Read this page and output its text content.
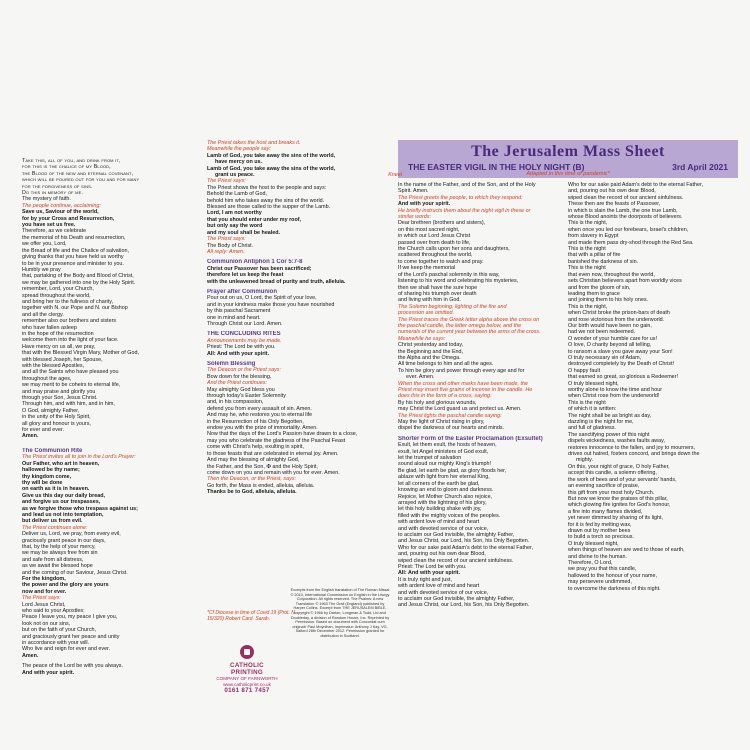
The Jerusalem Mass Sheet
THE EASTER VIGIL IN THE HOLY NIGHT (B)	3rd April 2021
Adapted in this time of pandemic*
Take this, all of you, and drink from it,
for this is the chalice of my Blood,
the Blood of the new and eternal covenant,
which will be poured out for you and for many
for the forgiveness of sins.
Do this in memory of me.
The mystery of faith.
The people continue, acclaiming:
Save us, Saviour of the world,
for by your Cross and Resurrection,
you have set us free.
Therefore, as we celebrate
the memorial of his Death and resurrection,
we offer you, Lord,
the Bread of life and the Chalice of salvation,
giving thanks that you have held us worthy
to be in your presence and minister to you.
Humbly we pray
that, partaking of the Body and Blood of Christ,
we may be gathered into one by the Holy Spirit.
remember, Lord, your Church,
spread throughout the world,
and bring her to the fullness of charity,
together with N. our Pope and N. our Bishop
and all the clergy.
remember also our brothers and sisters
who have fallen asleep
in the hope of the resurrection
welcome them into the light of your face.
Have mercy on us all, we pray,
that with the Blessed Virgin Mary, Mother of God,
with blessed Joseph, her Spouse,
with the blessed Apostles,
and all the Saints who have pleased you
throughout the ages,
we may merit to be coheirs to eternal life,
and may praise and glorify you
through your Son, Jesus Christ.
Through him, and with him, and in him,
O God, almighty Father,
in the unity of the Holy Spirit,
all glory and honour is yours,
for ever and ever.
Amen.
The Communion Rite
The Priest invites all to join in the Lord's Prayer:
Our Father, who art in heaven,
hallowed be thy name;
thy kingdom come,
thy will be done
on earth as it is in heaven.
Give us this day our daily bread,
and forgive us our trespasses,
as we forgive those who trespass against us;
and lead us not into temptation,
but deliver us from evil.
The Priest continues alone:
Deliver us, Lord, we pray, from every evil,
graciously grant peace in our days,
that, by the help of your mercy,
we may be always free from sin
and safe from all distress,
as we await the blessed hope
and the coming of our Saviour, Jesus Christ.
For the kingdom,
the power and the glory are yours
now and for ever.
The Priest says:
Lord Jesus Christ,
who said to your Apostles:
Peace I leave you, my peace I give you,
look not on our sins,
but on the faith of your Church,
and graciously grant her peace and unity
in accordance with your will.
Who live and reign for ever and ever.
Amen.
The peace of the Lord be with you always.
And with your spirit.
The Priest takes the host and breaks it.
Meanwhile the people say:
Lamb of God, you take away the sins of the world,
have mercy on us.
Lamb of God, you take away the sins of the world,
grant us peace.
The Priest says:
The Priest shows the host to the people and says:
Behold the Lamb of God,
behold him who takes away the sins of the world.
Blessed are those called to the supper of the Lamb.
Lord, I am not worthy
that you should enter under my roof,
but only say the word
and my soul shall be healed.
The Priest says:
The Body of Christ.
All reply: Amen.
Communion Antiphon 1 Cor 5:7-8
Christ our Passover has been sacrificed;
therefore let us keep the feast
with the unleavened bread of purity and truth, alleluia.
Prayer after Communion
Pour out on us, O Lord, the Spirit of your love,
and in your kindness make those you have nourished
by this paschal Sacrament
one in mind and heart.
Through Christ our Lord. Amen.
THE CONCLUDING RITES
Announcements may be made.
Priest: The Lord be with you.
All: And with your spirit.
Solemn Blessing
The Deacon or the Priest says:
Bow down for the blessing.
And the Priest continues:
May almighty God bless you
through today's Easter Solemnity
and, in his compassion,
defend you from every assault of sin. Amen.
And may he, who restores you to eternal life
in the Resurrection of his Only Begotten,
endow you with the prize of immortality. Amen.
Now that the days of the Lord's Passion have drawn to a close,
may you who celebrate the gladness of the Paschal Feast
come with Christ's help, exulting in spirit,
to those feasts that are celebrated in eternal joy. Amen.
And may the blessing of almighty God,
the Father, and the Son, ✠ and the Holy Spirit,
come down on you and remain with you for ever. Amen.
Then the Deacon, or the Priest, says:
Go forth, the Mass is ended, alleluia, alleluia.
Thanks be to God, alleluia, alleluia.
Kneel
In the name of the Father, and of the Son, and of the Holy
Spirit. Amen.
The Priest greets the people, to which they respond:
And with your spirit.
He briefly instructs them about the night vigil in these or
similar words:
Dear brethren (brothers and sisters),
on this most sacred night,
in which our Lord Jesus Christ
passed over from death to life,
the Church calls upon her sons and daughters,
scattered throughout the world,
to come together to watch and pray.
If we keep the memorial
of the Lord's paschal solemnity in this way,
listening to his word and celebrating his mysteries,
then we shall have the sure hope
of sharing his triumph over death
and living with him in God.
The Solemn beginning, lighting of the fire and
procession are omitted.
The Priest traces the Greek letter alpha above the cross on
the paschal candle, the letter omega below, and the
numerals of the current year between the arms of the cross.
Meanwhile he says:
Christ yesterday and today,
the Beginning and the End,
the Alpha and the Omega.
All time belongs to him and all the ages.
To him be glory and power through every age and for
ever. Amen.
When the cross and other marks have been made, the
Priest may insert five grains of incense in the candle. He
does this in the form of a cross, saying:
By his holy and glorious wounds,
may Christ the Lord guard us and protect us. Amen.
The Priest lights the paschal candle saying:
May the light of Christ rising in glory,
dispel the darkness of our hearts and minds.
Shorter Form of the Easter Proclamation (Exsultet)
Exult, let them exult, the hosts of heaven,
exult, let Angel ministers of God exult,
let the trumpet of salvation
sound aloud our mighty King's triumph!
Be glad, let earth be glad, as glory floods her,
ablaze with light from her eternal King,
let all corners of the earth be glad,
knowing an end to gloom and darkness.
Rejoice, let Mother Church also rejoice,
arrayed with the lightning of his glory,
let this holy building shake with joy,
filled with the mighty voices of the peoples.
with ardent love of mind and heart
and with devoted service of our voice,
to acclaim our God invisible, the almighty Father,
and Jesus Christ, our Lord, his Son, his Only Begotten.
Who for our sake paid Adam's debt to the eternal Father,
and, pouring out his own dear Blood,
wiped clean the record of our ancient sinfulness.
Priest: The Lord be with you.
All: And with your spirit.
It is truly right and just,
with ardent love of mind and heart
and with devoted service of our voice,
to acclaim our God invisible, the almighty Father,
and Jesus Christ, our Lord, his Son, his Only Begotten.
Who for our sake paid Adam's debt to the eternal Father,
and, pouring out his own dear Blood,
wiped clean the record of our ancient sinfulness.
These then are the feasts of Passover,
in which is slain the Lamb, the one true Lamb,
whose Blood anoints the doorposts of believers.
This is the night,
when once you led our forebears, Israel's children,
from slavery in Egypt
and made them pass dry-shod through the Red Sea.
This is the night
that with a pillar of fire
banished the darkness of sin.
This is the night
that even now, throughout the world,
sets Christian believers apart from worldly vices
and from the gloom of sin,
leading them to grace
and joining them to his holy ones.
This is the night,
when Christ broke the prison-bars of death
and rose victorious from the underworld.
Our birth would have been no gain,
had we not been redeemed.
O wonder of your humble care for us!
O love, O charity beyond all telling,
to ransom a slave you gave away your Son!
O truly necessary sin of Adam,
destroyed completely by the Death of Christ!
O happy fault
that earned so great, so glorious a Redeemer!
O truly blessed night,
worthy alone to know the time and hour
when Christ rose from the underworld!
This is the night
of which it is written:
The night shall be as bright as day,
dazzling is the night for me,
and full of gladness.
The sanctifying power of this night
dispels wickedness, washes faults away,
restores innocence to the fallen, and joy to mourners,
drives out hatred, fosters concord, and brings down the
mighty.
On this, your night of grace, O holy Father,
accept this candle, a solemn offering,
the work of bees and of your servants' hands,
an evening sacrifice of praise,
this gift from your most holy Church.
But now we know the praises of this pillar,
which glowing fire ignites for God's honour,
a fire into many flames divided,
yet never dimmed by sharing of its light,
for it is fed by melting wax,
drawn out by mother bees
to build a torch so precious.
O truly blessed night,
when things of heaven are wed to those of earth,
and divine to the human.
Therefore, O Lord,
we pray you that this candle,
hallowed to the honour of your name,
may persevere undimmed,
to overcome the darkness of this night.
*Cf Diocese in time of Covid 19 (Prot. N. 15/320) Robert Card. Sarah.
CATHOLIC
PRINTING
COMPANY OF FARNWORTH
www.catholicprint.co.uk
0161 871 7457
Excerpts from the English translation of The Roman Missal © 2010, International Commission on English in the Liturgy Corporation. All rights reserved. The Psalms: A new Translation © 1963 The Grail (England) published by Harper Collins. Excerpt from THE JERUSALEM BIBLE, copyright © 1966 by Darton, Longman & Todd, Ltd and Doubleday, a division of Random House, Inc. Reprinted by Permission. Based on document with Concordat cum originali: Paul Moynihan, Imprimatur: Anthony J Kay, VG, Salford 28th December 2012. Permission granted for distribution in Scotland.
